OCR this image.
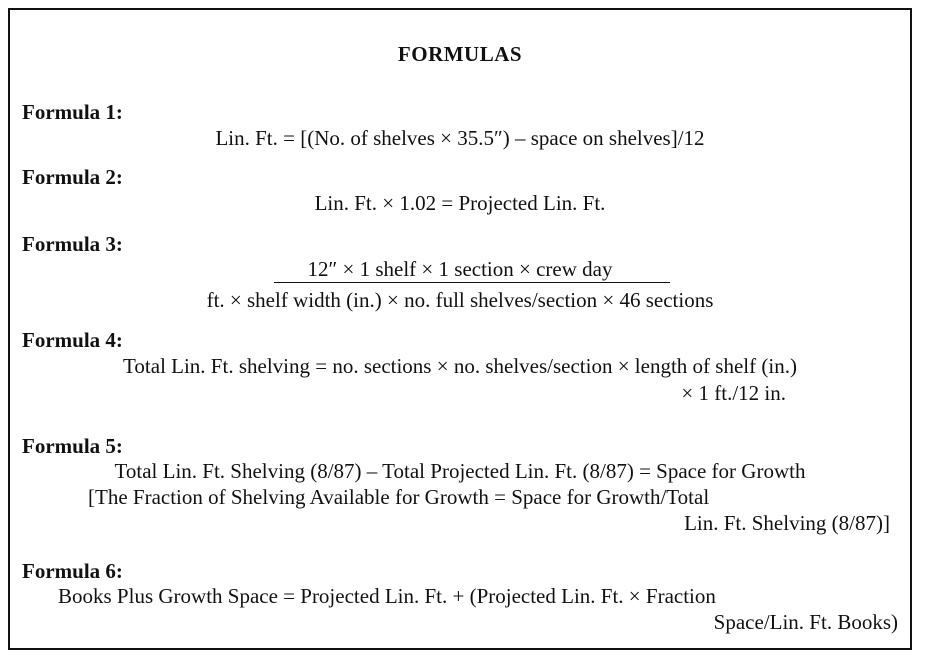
FORMULAS
Formula 1:
Lin. Ft. = [(No. of shelves × 35.5″) – space on shelves]/12
Formula 2:
Lin. Ft. × 1.02 = Projected Lin. Ft.
Formula 3:
12″ × 1 shelf × 1 section × crew day
ft. × shelf width (in.) × no. full shelves/section × 46 sections
Formula 4:
Total Lin. Ft. shelving = no. sections × no. shelves/section × length of shelf (in.)
× 1 ft./12 in.
Formula 5:
Total Lin. Ft. Shelving (8/87) – Total Projected Lin. Ft. (8/87) = Space for Growth
[The Fraction of Shelving Available for Growth = Space for Growth/Total
Lin. Ft. Shelving (8/87)]
Formula 6:
Books Plus Growth Space = Projected Lin. Ft. + (Projected Lin. Ft. × Fraction
Space/Lin. Ft. Books)
